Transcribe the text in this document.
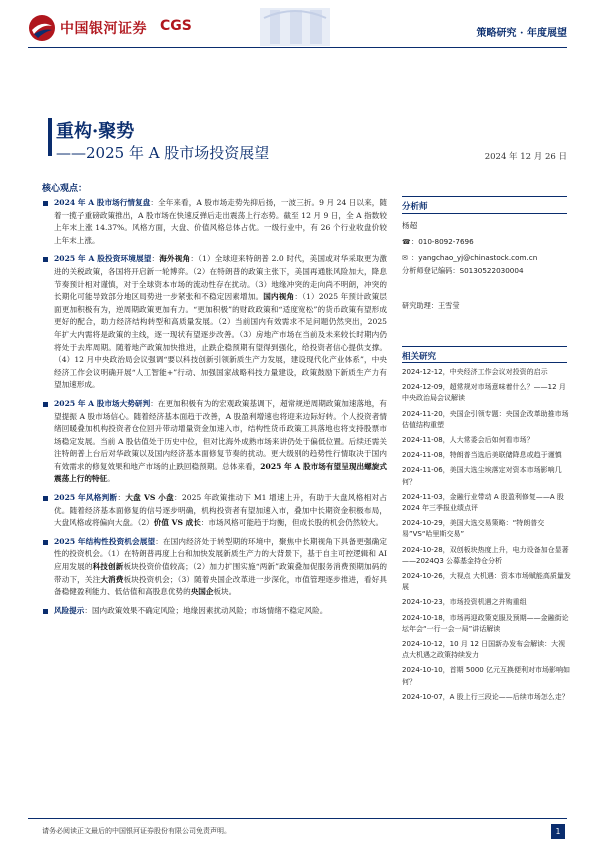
中国银河证券 CGS	策略研究 · 年度展望
重构·聚势
——2025 年 A 股市场投资展望	2024 年 12 月 26 日
核心观点：
2024 年 A 股市场行情复盘：全年来看，A 股市场走势先抑后扬，一波三折。9 月 24 日以来，随着一揽子重磅政策推出，A 股市场在快速反弹后走出震荡上行态势。截至 12 月 9 日，全 A 指数较上年末上涨 14.37%。风格方面，大盘、价值风格总体占优。一级行业中，有 26 个行业收盘价较上年末上涨。
2025 年 A 股投资环境展望：海外视角：（1）全球迎来特朗普 2.0 时代，美国或对华采取更为激进的关税政策，各国将开启新一轮博弈。（2）在特朗普的政策主张下，美国再通胀风险加大，降息节奏预计相对谨慎，对于全球资本市场的流动性存在扰动。（3）地缘冲突的走向尚不明朗，冲突的长期化可能导致部分地区局势进一步紧张和不稳定因素增加。国内视角：（1）2025 年预计政策层面更加积极有为，逆周期政策更加有力。“更加积极”的财政政策和“适度宽松”的货币政策有望形成更好的配合，助力经济结构转型和高质量发展。（2）当前国内有效需求不足问题仍然突出，2025 年扩大内需将是政策的主线，逐一现状有望逐步改善。（3）房地产市场在当前及未来较长时期内仍将处于去库周期。随着地产政策加快推进，止跌企稳预期有望得到强化，给投资者信心提供支撑。（4）12 月中央政治局会议强调“要以科技创新引领新质生产力发展，建设现代化产业体系”，中央经济工作会议明确开展“人工智能+”行动、加强国家战略科技力量建设，政策鼓励下新质生产力有望加速形成。
2025 年 A 股市场大势研判：在更加积极有为的宏观政策基调下，超常规逆周期政策加速落地，有望提振 A 股市场信心。随着经济基本面趋于改善，A 股盈利增速也将迎来边际好转。个人投资者情绪回暖叠加机构投资者仓位回升带动增量资金加速入市，结构性货币政策工具落地也将支持股票市场稳定发展。当前 A 股估值处于历史中位，但对比海外成熟市场来讲仍处于偏低位置。后续还需关注特朗普上台后对华政策以及国内经济基本面修复节奏的扰动。更大级别的趋势性行情取决于国内有效需求的修复效果和地产市场的止跌回稳预期。总体来看，2025 年 A 股市场有望呈现出螺旋式震荡上行的特征。
2025 年风格判断：大盘 VS 小盘：2025 年政策推动下 M1 增速上升，有助于大盘风格相对占优。随着经济基本面修复的信号逐步明确，机构投资者有望加速入市，叠加中长期资金积极布局，大盘风格或将偏向大盘。（2）价值 VS 成长：市场风格可能趋于均衡，但成长股的机会仍然较大。
2025 年结构性投资机会展望：在国内经济处于转型期的环境中，聚焦中长期视角下具备更强确定性的投资机会。（1）在特朗普再度上台和加快发展新质生产力的大背景下，基于自主可控逻辑和 AI 应用发展的科技创新板块投资价值较高；（2）加力扩围实施“两新”政策叠加促服务消费预期加码的带动下，关注大消费板块投资机会；（3）随着央国企改革进一步深化，市值管理逐步推进，看好具备稳健盈利能力、低估值和高股息优势的央国企板块。
风险提示：国内政策效果不确定风险；地缘因素扰动风险；市场情绪不稳定风险。
分析师
杨超
☎：010-8092-7696
✉ ：yangchao_yj@chinastock.com.cn
分析师登记编码：S0130522030004
研究助理：王雪莹
相关研究
2024-12-12，中央经济工作会议对投资的启示
2024-12-09，超常规对市场意味着什么？——12 月中央政治局会议解读
2024-11-20，央国企引领专题：央国企改革助推市场估值结构重塑
2024-11-08，人大常委会后如何看市场？
2024-11-08，特朗普当选后美联储降息或趋于谨慎
2024-11-06，美国大选尘埃落定对资本市场影响几何？
2024-11-03，金融行业带动 A 股盈利修复——A 股 2024 年三季报业绩点评
2024-10-29，美国大选交易策略：“特朗普交易”VS“哈里斯交易”
2024-10-28，双创板块热度上升，电力设备加仓显著——2024Q3 公募基金持仓分析
2024-10-26，大视点 大机遇：资本市场赋能高质量发展
2024-10-23，市场投资机遇之并购重组
2024-10-18，市场再迎政策克服及预期——金融街论坛年会“一行一会一局”讲话解读
2024-10-12，10 月 12 日国新办发布会解读：大视点大机遇之政策持续发力
2024-10-10，首期 5000 亿元互换便利对市场影响如何？
2024-10-07，A 股上行三段论——后续市场怎么走？
请务必阅读正文最后的中国银河证券股份有限公司免责声明。	1
